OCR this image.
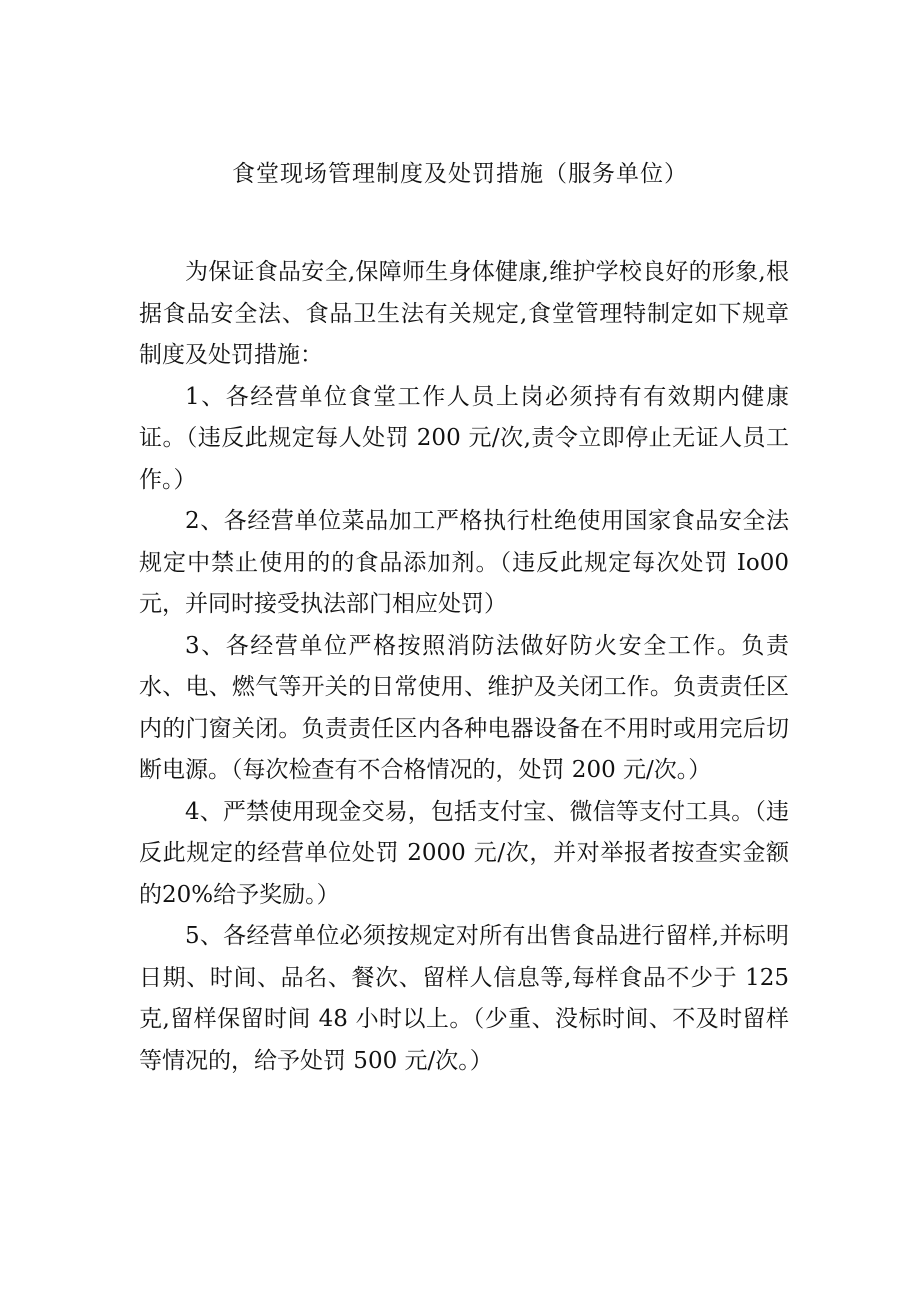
食堂现场管理制度及处罚措施（服务单位）

为保证食品安全,保障师生身体健康,维护学校良好的形象,根据食品安全法、食品卫生法有关规定,食堂管理特制定如下规章制度及处罚措施：

1、各经营单位食堂工作人员上岗必须持有有效期内健康证。（违反此规定每人处罚 200 元/次,责令立即停止无证人员工作。）

2、各经营单位菜品加工严格执行杜绝使用国家食品安全法规定中禁止使用的的食品添加剂。（违反此规定每次处罚 Io00元，并同时接受执法部门相应处罚）

3、各经营单位严格按照消防法做好防火安全工作。负责水、电、燃气等开关的日常使用、维护及关闭工作。负责责任区内的门窗关闭。负责责任区内各种电器设备在不用时或用完后切断电源。（每次检查有不合格情况的，处罚 200 元/次。）

4、严禁使用现金交易，包括支付宝、微信等支付工具。（违反此规定的经营单位处罚 2000 元/次，并对举报者按查实金额的20%给予奖励。）

5、各经营单位必须按规定对所有出售食品进行留样,并标明日期、时间、品名、餐次、留样人信息等,每样食品不少于 125克,留样保留时间 48 小时以上。（少重、没标时间、不及时留样等情况的，给予处罚 500 元/次。）
